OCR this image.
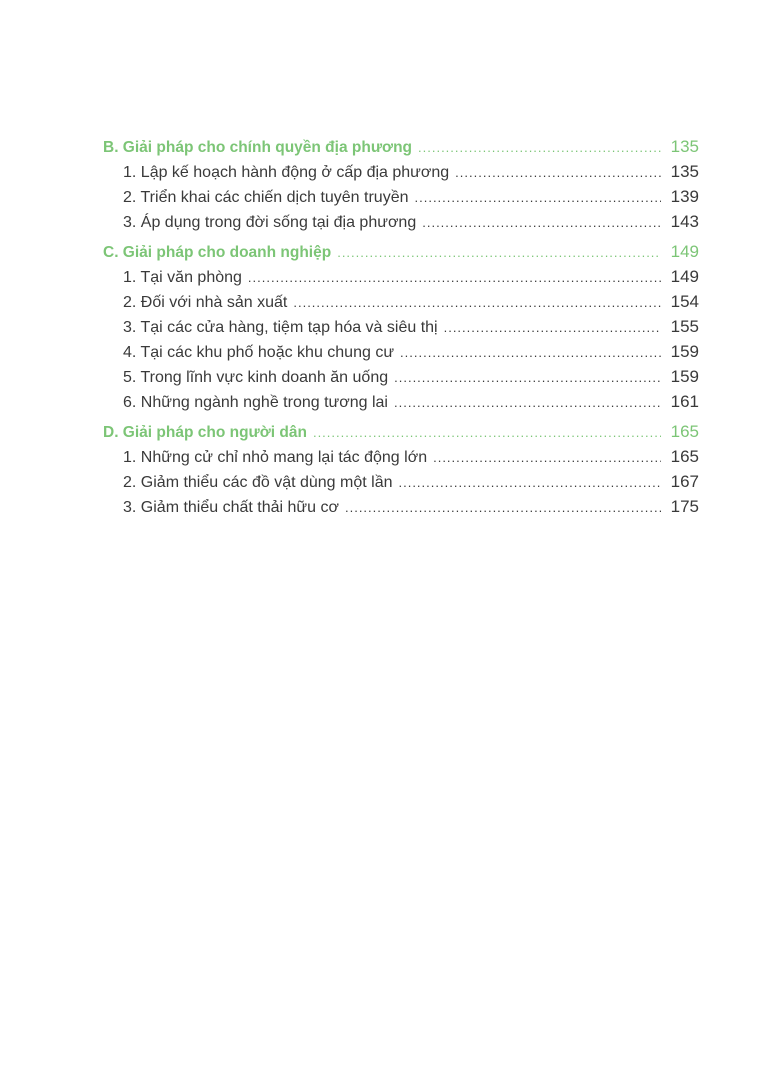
B. Giải pháp cho chính quyền địa phương .....	135
1. Lập kế hoạch hành động ở cấp địa phương .....	135
2. Triển khai các chiến dịch tuyên truyền .....	139
3. Áp dụng trong đời sống tại địa phương .....	143
C. Giải pháp cho doanh nghiệp .....	149
1. Tại văn phòng .....	149
2. Đối với nhà sản xuất .....	154
3. Tại các cửa hàng, tiệm tạp hóa và siêu thị .....	155
4. Tại các khu phố hoặc khu chung cư .....	159
5. Trong lĩnh vực kinh doanh ăn uống .....	159
6. Những ngành nghề trong tương lai .....	161
D. Giải pháp cho người dân .....	165
1. Những cử chỉ nhỏ mang lại tác động lớn .....	165
2. Giảm thiểu các đồ vật dùng một lần .....	167
3. Giảm thiểu chất thải hữu cơ .....	175
